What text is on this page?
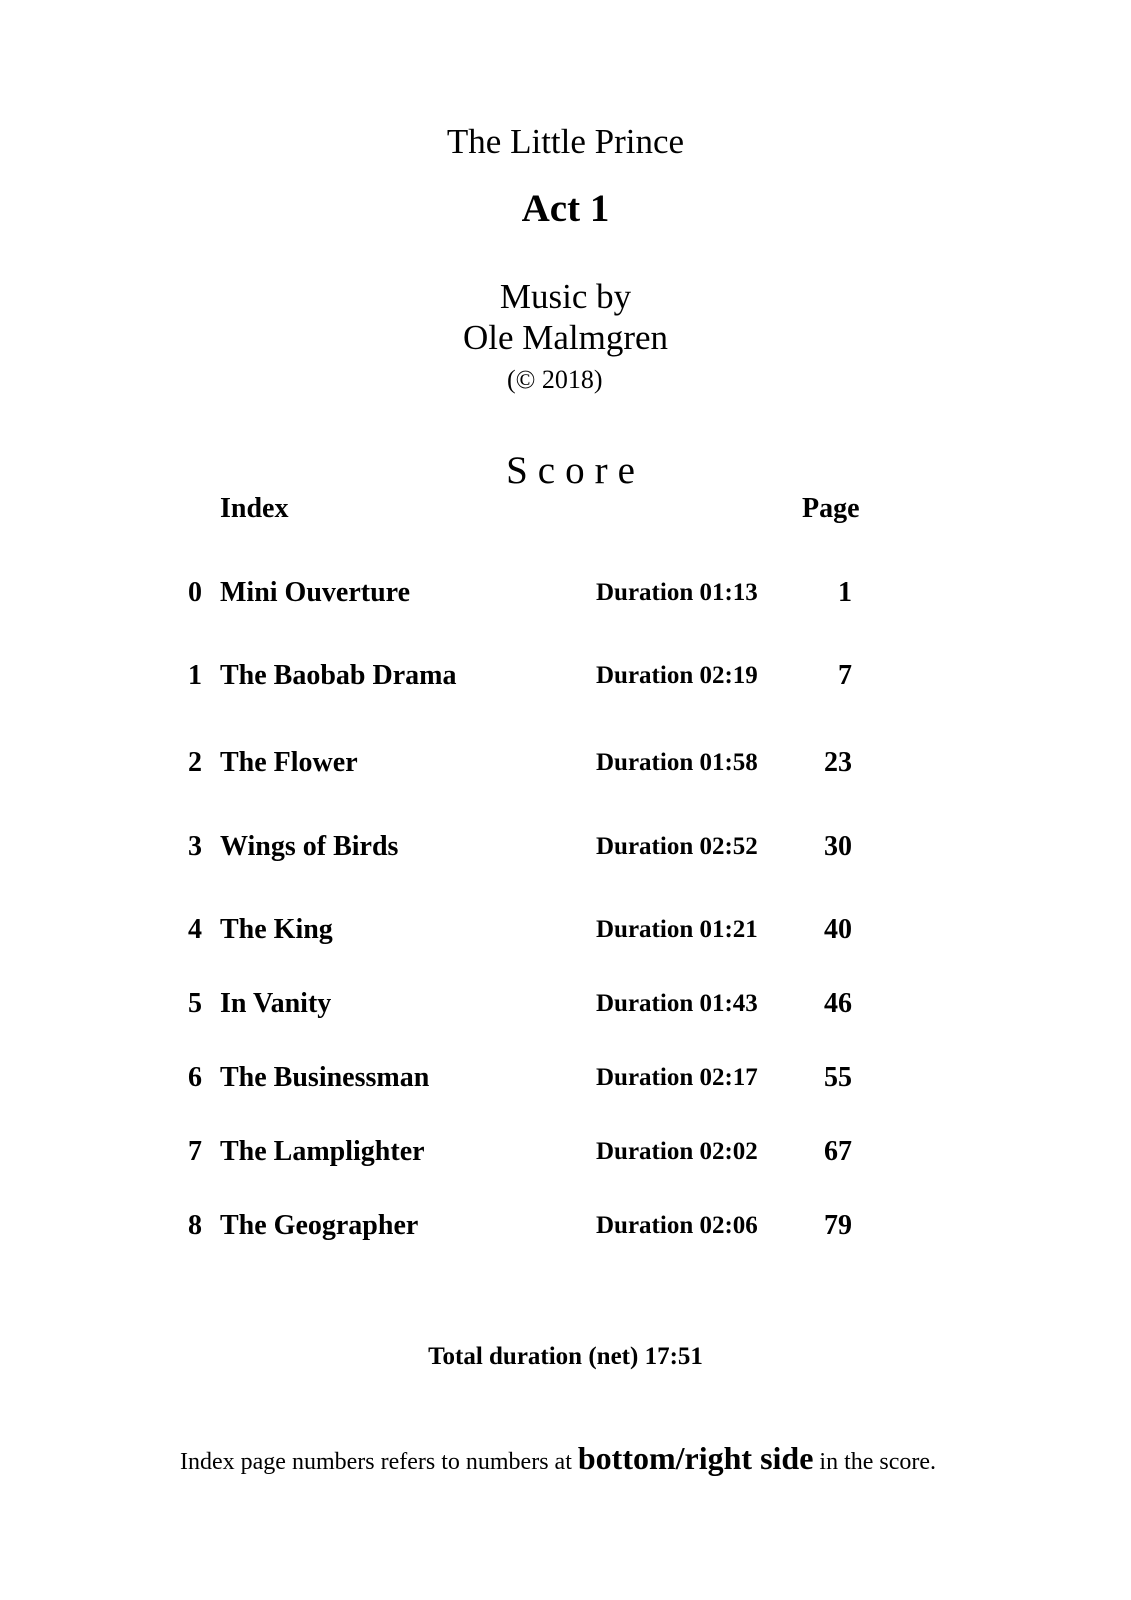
The Little Prince
Act 1
Music by
Ole Malmgren
(© 2018)
Score
Index	Page
0 Mini Ouverture	Duration 01:13	1
1 The Baobab Drama	Duration 02:19	7
2 The Flower	Duration 01:58	23
3 Wings of Birds	Duration 02:52	30
4 The King	Duration 01:21	40
5 In Vanity	Duration 01:43	46
6 The Businessman	Duration 02:17	55
7 The Lamplighter	Duration 02:02	67
8 The Geographer	Duration 02:06	79
Total duration (net) 17:51
Index page numbers refers to numbers at bottom/right side in the score.
